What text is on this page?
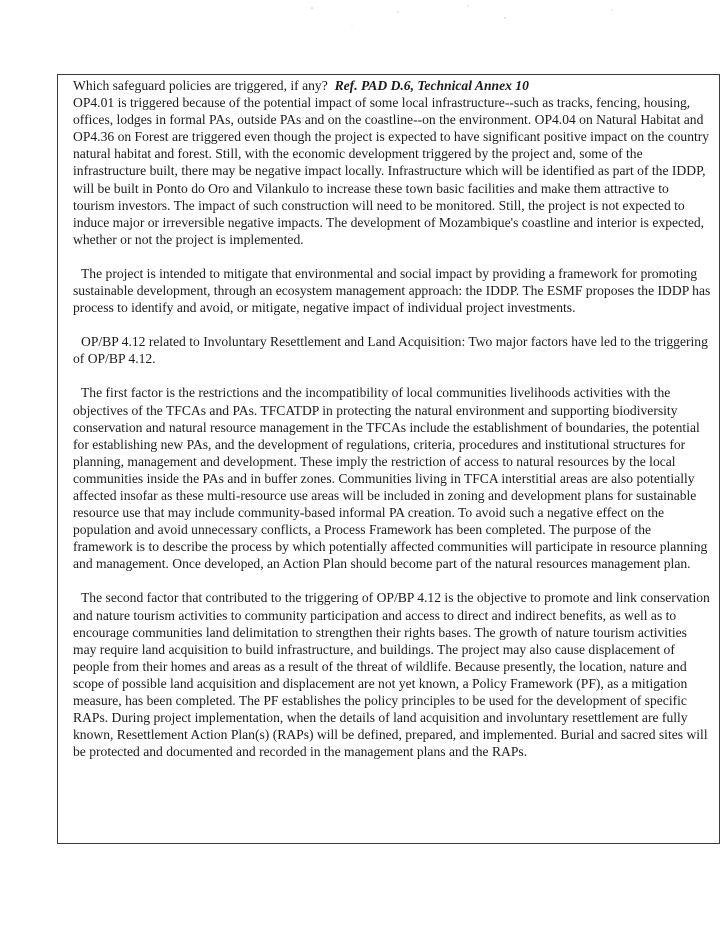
Which safeguard policies are triggered, if any? Ref. PAD D.6, Technical Annex 10

OP4.01 is triggered because of the potential impact of some local infrastructure--such as tracks, fencing, housing, offices, lodges in formal PAs, outside PAs and on the coastline--on the environment. OP4.04 on Natural Habitat and OP4.36 on Forest are triggered even though the project is expected to have significant positive impact on the country natural habitat and forest. Still, with the economic development triggered by the project and, some of the infrastructure built, there may be negative impact locally. Infrastructure which will be identified as part of the IDDP, will be built in Ponto do Oro and Vilankulo to increase these town basic facilities and make them attractive to tourism investors. The impact of such construction will need to be monitored. Still, the project is not expected to induce major or irreversible negative impacts. The development of Mozambique's coastline and interior is expected, whether or not the project is implemented.

The project is intended to mitigate that environmental and social impact by providing a framework for promoting sustainable development, through an ecosystem management approach: the IDDP. The ESMF proposes the IDDP has process to identify and avoid, or mitigate, negative impact of individual project investments.

OP/BP 4.12 related to Involuntary Resettlement and Land Acquisition: Two major factors have led to the triggering of OP/BP 4.12.

The first factor is the restrictions and the incompatibility of local communities livelihoods activities with the objectives of the TFCAs and PAs. TFCATDP in protecting the natural environment and supporting biodiversity conservation and natural resource management in the TFCAs include the establishment of boundaries, the potential for establishing new PAs, and the development of regulations, criteria, procedures and institutional structures for planning, management and development. These imply the restriction of access to natural resources by the local communities inside the PAs and in buffer zones. Communities living in TFCA interstitial areas are also potentially affected insofar as these multi-resource use areas will be included in zoning and development plans for sustainable resource use that may include community-based informal PA creation. To avoid such a negative effect on the population and avoid unnecessary conflicts, a Process Framework has been completed. The purpose of the framework is to describe the process by which potentially affected communities will participate in resource planning and management. Once developed, an Action Plan should become part of the natural resources management plan.

The second factor that contributed to the triggering of OP/BP 4.12 is the objective to promote and link conservation and nature tourism activities to community participation and access to direct and indirect benefits, as well as to encourage communities land delimitation to strengthen their rights bases. The growth of nature tourism activities may require land acquisition to build infrastructure, and buildings. The project may also cause displacement of people from their homes and areas as a result of the threat of wildlife. Because presently, the location, nature and scope of possible land acquisition and displacement are not yet known, a Policy Framework (PF), as a mitigation measure, has been completed. The PF establishes the policy principles to be used for the development of specific RAPs. During project implementation, when the details of land acquisition and involuntary resettlement are fully known, Resettlement Action Plan(s) (RAPs) will be defined, prepared, and implemented. Burial and sacred sites will be protected and documented and recorded in the management plans and the RAPs.
